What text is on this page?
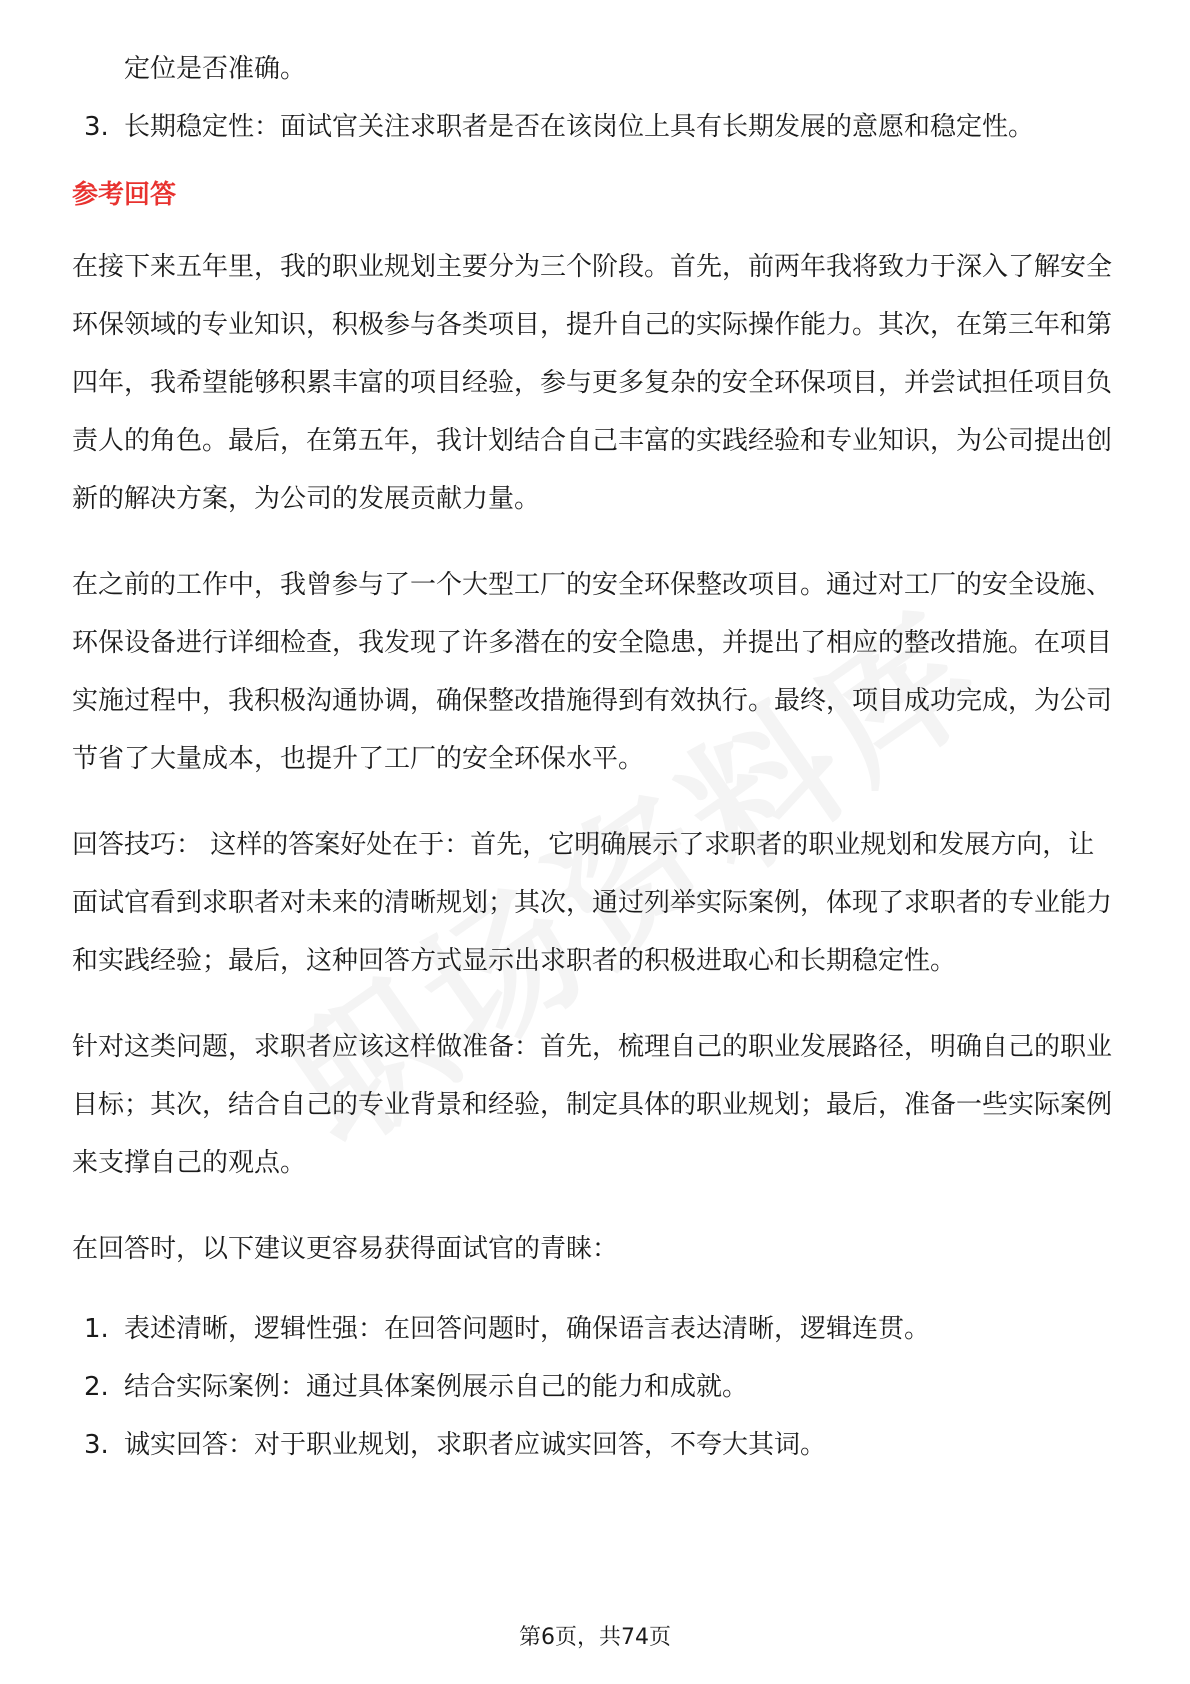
定位是否准确。

3. 长期稳定性：面试官关注求职者是否在该岗位上具有长期发展的意愿和稳定性。

参考回答

在接下来五年里，我的职业规划主要分为三个阶段。首先，前两年我将致力于深入了解安全环保领域的专业知识，积极参与各类项目，提升自己的实际操作能力。其次，在第三年和第四年，我希望能够积累丰富的项目经验，参与更多复杂的安全环保项目，并尝试担任项目负责人的角色。最后，在第五年，我计划结合自己丰富的实践经验和专业知识，为公司提出创新的解决方案，为公司的发展贡献力量。

在之前的工作中，我曾参与了一个大型工厂的安全环保整改项目。通过对工厂的安全设施、环保设备进行详细检查，我发现了许多潜在的安全隐患，并提出了相应的整改措施。在项目实施过程中，我积极沟通协调，确保整改措施得到有效执行。最终，项目成功完成，为公司节省了大量成本，也提升了工厂的安全环保水平。

回答技巧： 这样的答案好处在于：首先，它明确展示了求职者的职业规划和发展方向，让面试官看到求职者对未来的清晰规划；其次，通过列举实际案例，体现了求职者的专业能力和实践经验；最后，这种回答方式显示出求职者的积极进取心和长期稳定性。

针对这类问题，求职者应该这样做准备：首先，梳理自己的职业发展路径，明确自己的职业目标；其次，结合自己的专业背景和经验，制定具体的职业规划；最后，准备一些实际案例来支撑自己的观点。

在回答时，以下建议更容易获得面试官的青睐：

1. 表述清晰，逻辑性强：在回答问题时，确保语言表达清晰，逻辑连贯。
2. 结合实际案例：通过具体案例展示自己的能力和成就。
3. 诚实回答：对于职业规划，求职者应诚实回答，不夸大其词。
第6页，共74页
